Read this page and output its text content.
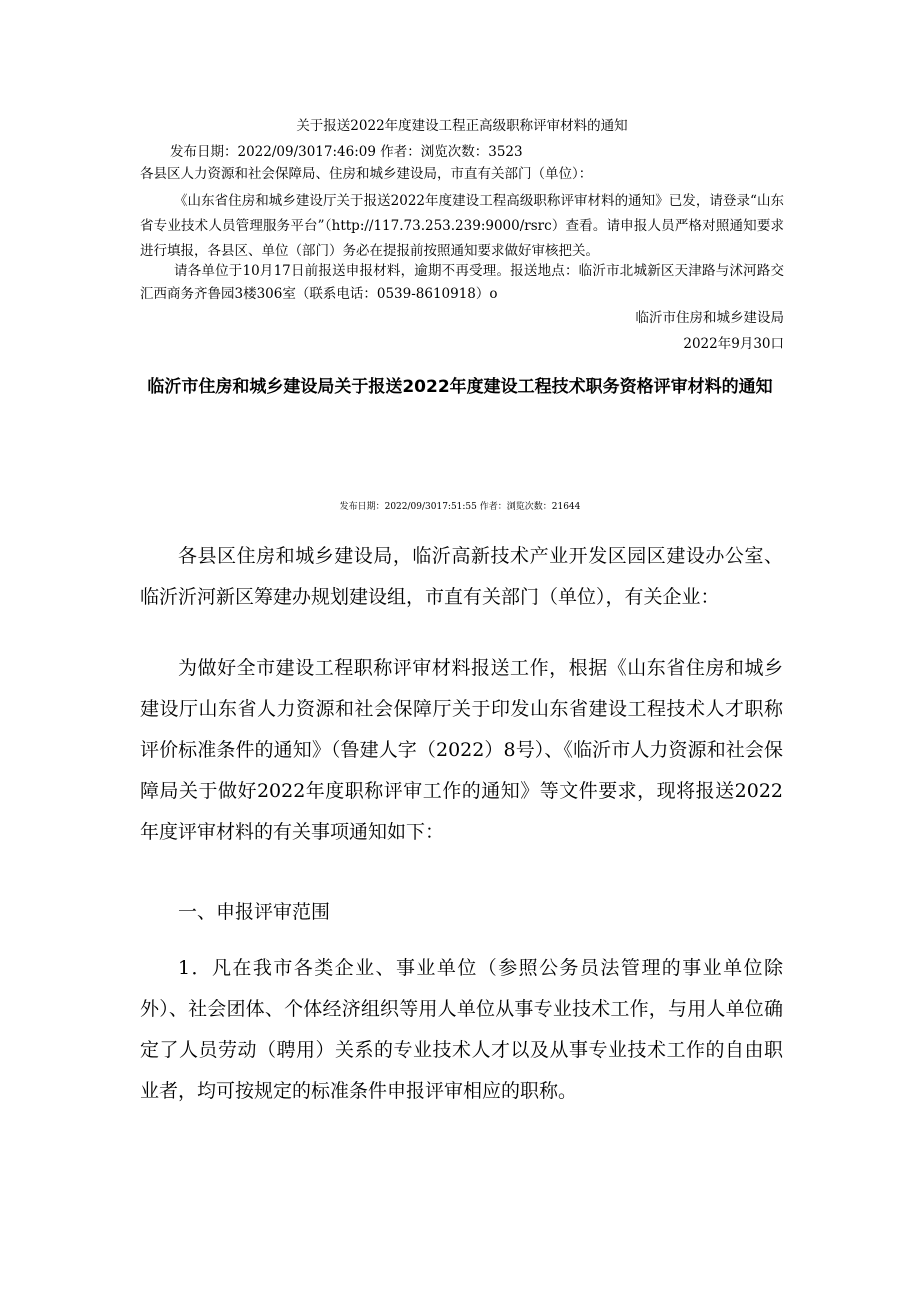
关于报送2022年度建设工程正高级职称评审材料的通知
发布日期：2022/09/3017:46:09 作者：浏览次数：3523
各县区人力资源和社会保障局、住房和城乡建设局，市直有关部门（单位）：
《山东省住房和城乡建设厅关于报送2022年度建设工程高级职称评审材料的通知》已发，请登录“山东省专业技术人员管理服务平台”（http://117.73.253.239:9000/rsrc）查看。请申报人员严格对照通知要求进行填报，各县区、单位（部门）务必在提报前按照通知要求做好审核把关。
请各单位于10月17日前报送申报材料，逾期不再受理。报送地点：临沂市北城新区天津路与沭河路交汇西商务齐鲁园3楼306室（联系电话：0539-8610918）o
临沂市住房和城乡建设局
2022年9月30口
临沂市住房和城乡建设局关于报送2022年度建设工程技术职务资格评审材料的通知
发布日期：2022/09/3017:51:55 作者：浏览次数：21644
各县区住房和城乡建设局，临沂高新技术产业开发区园区建设办公室、临沂沂河新区筹建办规划建设组，市直有关部门（单位），有关企业：
为做好全市建设工程职称评审材料报送工作，根据《山东省住房和城乡建设厅山东省人力资源和社会保障厅关于印发山东省建设工程技术人才职称评价标准条件的通知》（鲁建人字（2022）8号）、《临沂市人力资源和社会保障局关于做好2022年度职称评审工作的通知》等文件要求，现将报送2022年度评审材料的有关事项通知如下：
一、申报评审范围
1．凡在我市各类企业、事业单位（参照公务员法管理的事业单位除外）、社会团体、个体经济组织等用人单位从事专业技术工作，与用人单位确定了人员劳动（聘用）关系的专业技术人才以及从事专业技术工作的自由职业者，均可按规定的标准条件申报评审相应的职称。
